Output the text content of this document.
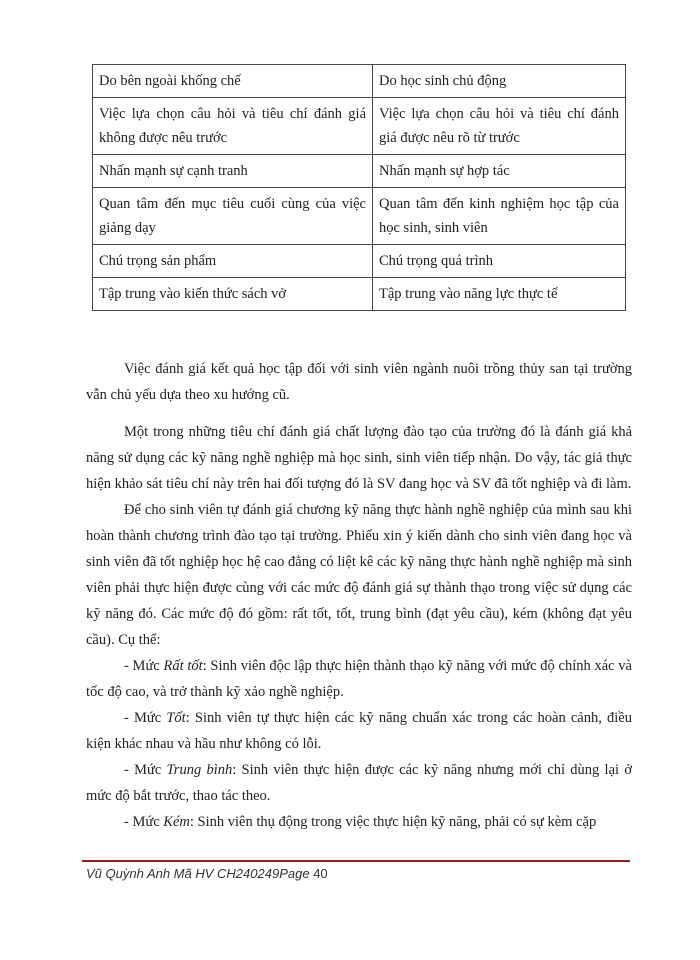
Do bên ngoài khống chế	Do học sinh chủ động
Việc lựa chọn câu hỏi và tiêu chí đánh giá không được nêu trước	Việc lựa chọn câu hỏi và tiêu chí đánh giá được nêu rõ từ trước
Nhấn mạnh sự cạnh tranh	Nhấn mạnh sự hợp tác
Quan tâm đến mục tiêu cuối cùng của việc giảng dạy	Quan tâm đến kinh nghiệm học tập của học sinh, sinh viên
Chú trọng sản phẩm	Chú trọng quá trình
Tập trung vào kiến thức sách vở	Tập trung vào năng lực thực tế

Việc đánh giá kết quả học tập đối với sinh viên ngành nuôi trồng thủy san tại trường vẫn chủ yếu dựa theo xu hướng cũ.

Một trong những tiêu chí đánh giá chất lượng đào tạo của trường đó là đánh giá khả năng sử dụng các kỹ năng nghề nghiệp mà học sinh, sinh viên tiếp nhận. Do vậy, tác giả thực hiện khảo sát tiêu chí này trên hai đối tượng đó là SV đang học và SV đã tốt nghiệp và đi làm.

Để cho sinh viên tự đánh giá chương kỹ năng thực hành nghề nghiệp của mình sau khi hoàn thành chương trình đào tạo tại trường. Phiếu xin ý kiến dành cho sinh viên đang học và sinh viên đã tốt nghiệp học hệ cao đẳng có liệt kê các kỹ năng thực hành nghề nghiệp mà sinh viên phải thực hiện được cùng với các mức độ đánh giá sự thành thạo trong việc sử dụng các kỹ năng đó. Các mức độ đó gồm: rất tốt, tốt, trung bình (đạt yêu cầu), kém (không đạt yêu cầu). Cụ thể:

- Mức Rất tốt: Sinh viên độc lập thực hiện thành thạo kỹ năng với mức độ chính xác và tốc độ cao, và trở thành kỹ xảo nghề nghiệp.

- Mức Tốt: Sinh viên tự thực hiện các kỹ năng chuẩn xác trong các hoàn cảnh, điều kiện khác nhau và hầu như không có lỗi.

- Mức Trung bình: Sinh viên thực hiện được các kỹ năng nhưng mới chỉ dùng lại ở mức độ bắt trước, thao tác theo.

- Mức Kém: Sinh viên thụ động trong việc thực hiện kỹ năng, phải có sự kèm cặp

Vũ Quỳnh Anh Mã HV CH240249Page 40
